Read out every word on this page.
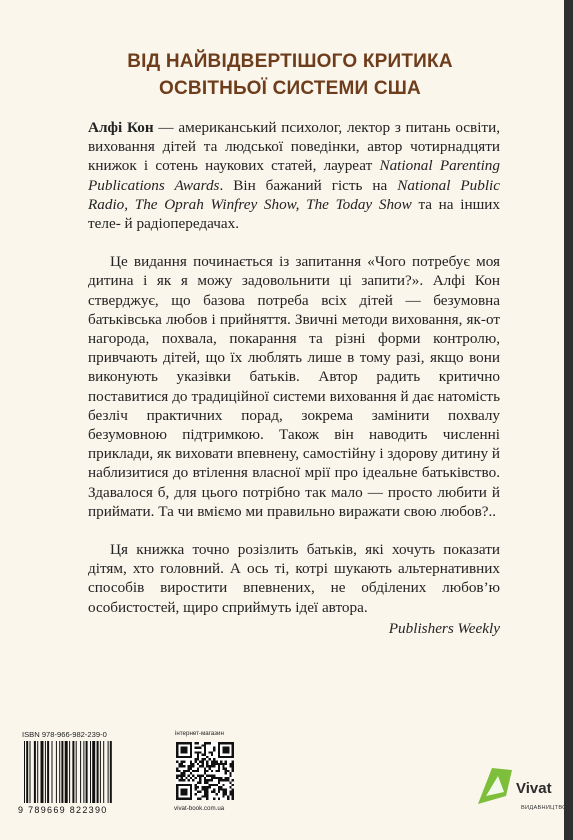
ВІД НАЙВІДВЕРТІШОГО КРИТИКА
ОСВІТНЬОЇ СИСТЕМИ США

Алфі Кон — американський психолог, лектор з питань освіти, виховання дітей та людської поведінки, автор чотирнадцяти книжок і сотень наукових статей, лауреат National Parenting Publications Awards. Він бажаний гість на National Public Radio, The Oprah Winfrey Show, The Today Show та на інших теле- й радіопередачах.

Це видання починається із запитання «Чого потребує моя дитина і як я можу задовольнити ці запити?». Алфі Кон стверджує, що базова потреба всіх дітей — безумовна батьківська любов і прийняття. Звичні методи виховання, як-от нагорода, похвала, покарання та різні форми контролю, привчають дітей, що їх люблять лише в тому разі, якщо вони виконують указівки батьків. Автор радить критично поставитися до традиційної системи виховання й дає натомість безліч практичних порад, зокрема замінити похвалу безумовною підтримкою. Також він наводить численні приклади, як виховати впевнену, самостійну і здорову дитину й наблизитися до втілення власної мрії про ідеальне батьківство. Здавалося б, для цього потрібно так мало — просто любити й приймати. Та чи вміємо ми правильно виражати свою любов?..

Ця книжка точно розізлить батьків, які хочуть показати дітям, хто головний. А ось ті, котрі шукають альтернативних способів виростити впевнених, не обділених любов’ю особистостей, щиро сприймуть ідеї автора.

Publishers Weekly
ISBN 978-966-982-239-0
9 789669 822390
інтернет-магазин
vivat-book.com.ua
Vivat
ВИДАВНИЦТВО
